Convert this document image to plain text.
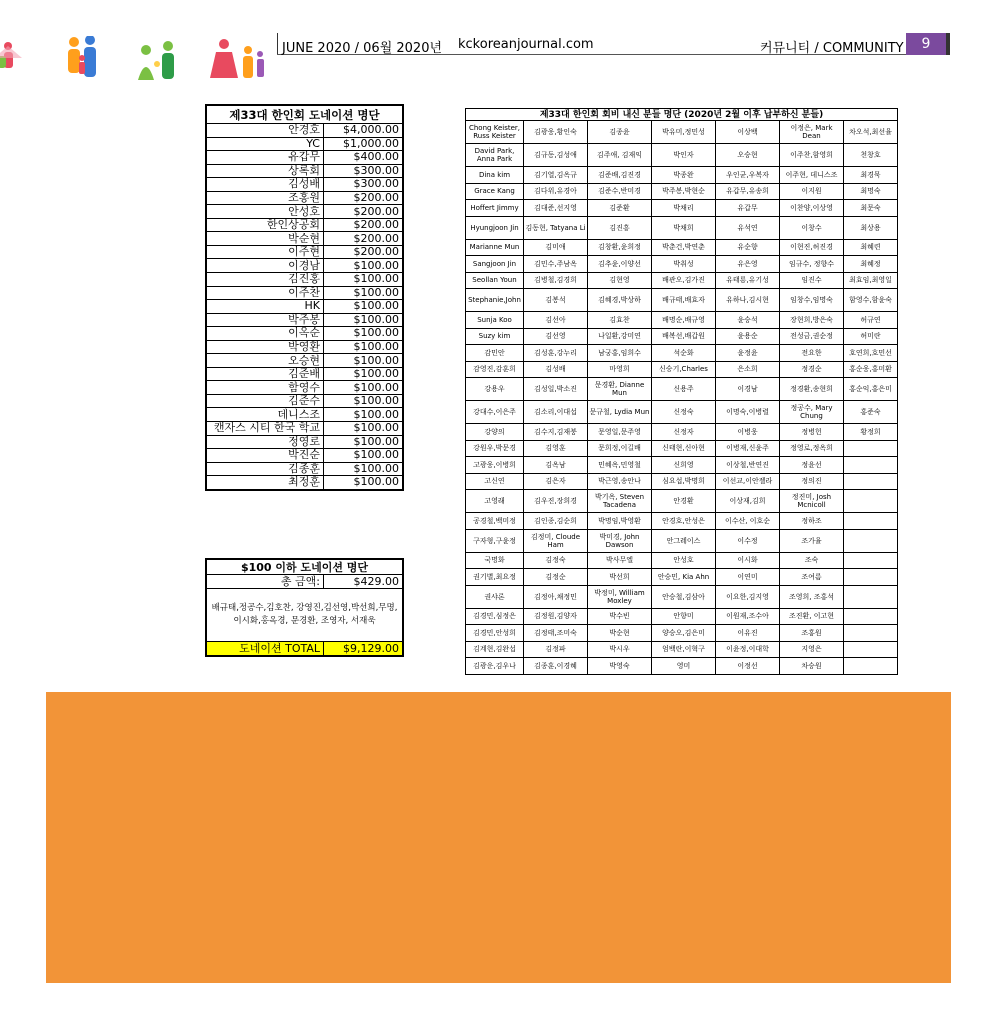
JUNE 2020 / 06월 2020년 kckoreanjournal.com	커뮤니티 / COMMUNITY	9
제33대 한인회 도네이션 명단	
안경호	$4,000.00
YC	$1,000.00
유갑무	$400.00
상록회	$300.00
김성배	$300.00
조홍원	$200.00
안성호	$200.00
한인상공회	$200.00
박순현	$200.00
이주현	$200.00
이경남	$100.00
김진홍	$100.00
이주찬	$100.00
HK	$100.00
박주봉	$100.00
이옥순	$100.00
박영환	$100.00
오승현	$100.00
김준배	$100.00
함영수	$100.00
김준수	$100.00
데니스조	$100.00
캔자스 시티 한국 학교	$100.00
정영로	$100.00
박진순	$100.00
김종훈	$100.00
최정훈	$100.00
$100 이하 도네이션 명단	
총 금액:	$429.00
배규태,정공수,김호찬, 강영진,김선영,박선희,무명,이시화,홍옥경, 문경환, 조영자, 서재욱	
도네이션 TOTAL	$9,129.00
제33대 한인회 회비 내신 분들 명단 (2020년 2월 이후 납부하신 분들)						
Chong Keister, Russ Keister	김광웅,황인숙	김종윤	박유미,정민성	이상백	이정은, Mark Dean	차오석,최선율
David Park, Anna Park	김규동,김성애	김주애, 김재익	박인자	오승현	이주찬,함영희	천창호
Dina kim	김기열,김옥규	김준배,김진경	박종완	우인균,우복자	이주현, 데니스조	최경묵
Grace Kang	김다위,유경아	김준수,반미경	박주봉,박현순	유갑무,유송희	이지원	최명숙
Hoffert Jimmy	김대준,선지영	김준환	박채리	유갑무	이찬양,이상영	최문숙
Hyungjoon Jin	김동현, Tatyana Li	김진흥	박채희	유석연	이창수	최상용
Marianne Mun	김미애	김창환,윤희정	박춘건,박연춘	유순향	이현진,허진경	최혜련
Sangjoon Jin	김민수,주남옥	김추윤,이양선	박취성	유은영	임규수, 정향수	최혜정
Seollan Youn	김병철,김경희	김현영	배관오,김가진	유태룡,유기성	임진수	최효임,최영일
Stephanie,John	김봉석	김혜경,박상하	배규태,배효자	유하나,김시현	임창수,임명숙	함영수,함윤숙
Sunja Koo	김선아	김효찬	배명순,배규영	윤승석	장현희,방은숙	허규연
Suzy kim	김선영	나일환,강미연	배복선,배갑원	윤용순	전성금,권순정	허미란
감민안	김성훈,강누리	남궁홍,임희수	석순화	윤정윤	전요한	호연희,호민선
감영진,감훈희	김성배	마영희	신승기,Charles	은소희	정경순	홍순웅,홍미환
강용우	김성일,박소진	문경환, Dianne Mun	신용주	이경남	정경환,송현희	홍순익,홍은미
강대수,이은주	김소리,이대섭	문규철, Lydia Mun	신정숙	이명숙,이병렬	정공수, Mary Chung	홍준숙
강양의	김수지,김재붕	문영일,문주영	신정자	이병웅	정병헌	황정희
강원우,박문경	김영훈	문희정,이길배	신태현,신아현	이병재,신윤주	정영로,정옥희	
고광웅,이병희	김옥남	민혜옥,민영철	신희영	이상철,반연진	정윤선	
고신연	김은자	박근영,송안나	심요섭,박명희	이선교,이안젤라	정의진	
고영래	김우진,장희경	박기옥, Steven Tacadena	안경환	이상재,김희	정진미, Josh Mcnicoll	
공경철,백미정	김인종,김순희	박명임,박영환	안경호,안성은	이수산, 이호순	정하조	
구자형,구윤정	김정미, Cloude Ham	박미경, John Dawson	안그레이스	이수정	조가율	
국명화	김정숙	박사무엘	안성호	이시화	조숙	
권기별,최요정	김정순	박선희	안승민, Kia Ahn	이연미	조여름	
권샤론	김정아,채정민	박정미, William Moxley	안승철,김삼아	이요한,김지영	조영희, 조홍석	
김경민,심정은	김정원,김양자	박수빈	안향미	이원재,조수아	조진환, 이고현	
김경민,안성희	김정태,조미숙	박순현	양승오,김은미	이유진	조홍원	
김계현,김완섭	김정파	박시우	엄백란,이혁구	이윤정,이대학	지영은	
김광운,김우나	김종훈,이경혜	박영숙	영미	이정선	차승원	
